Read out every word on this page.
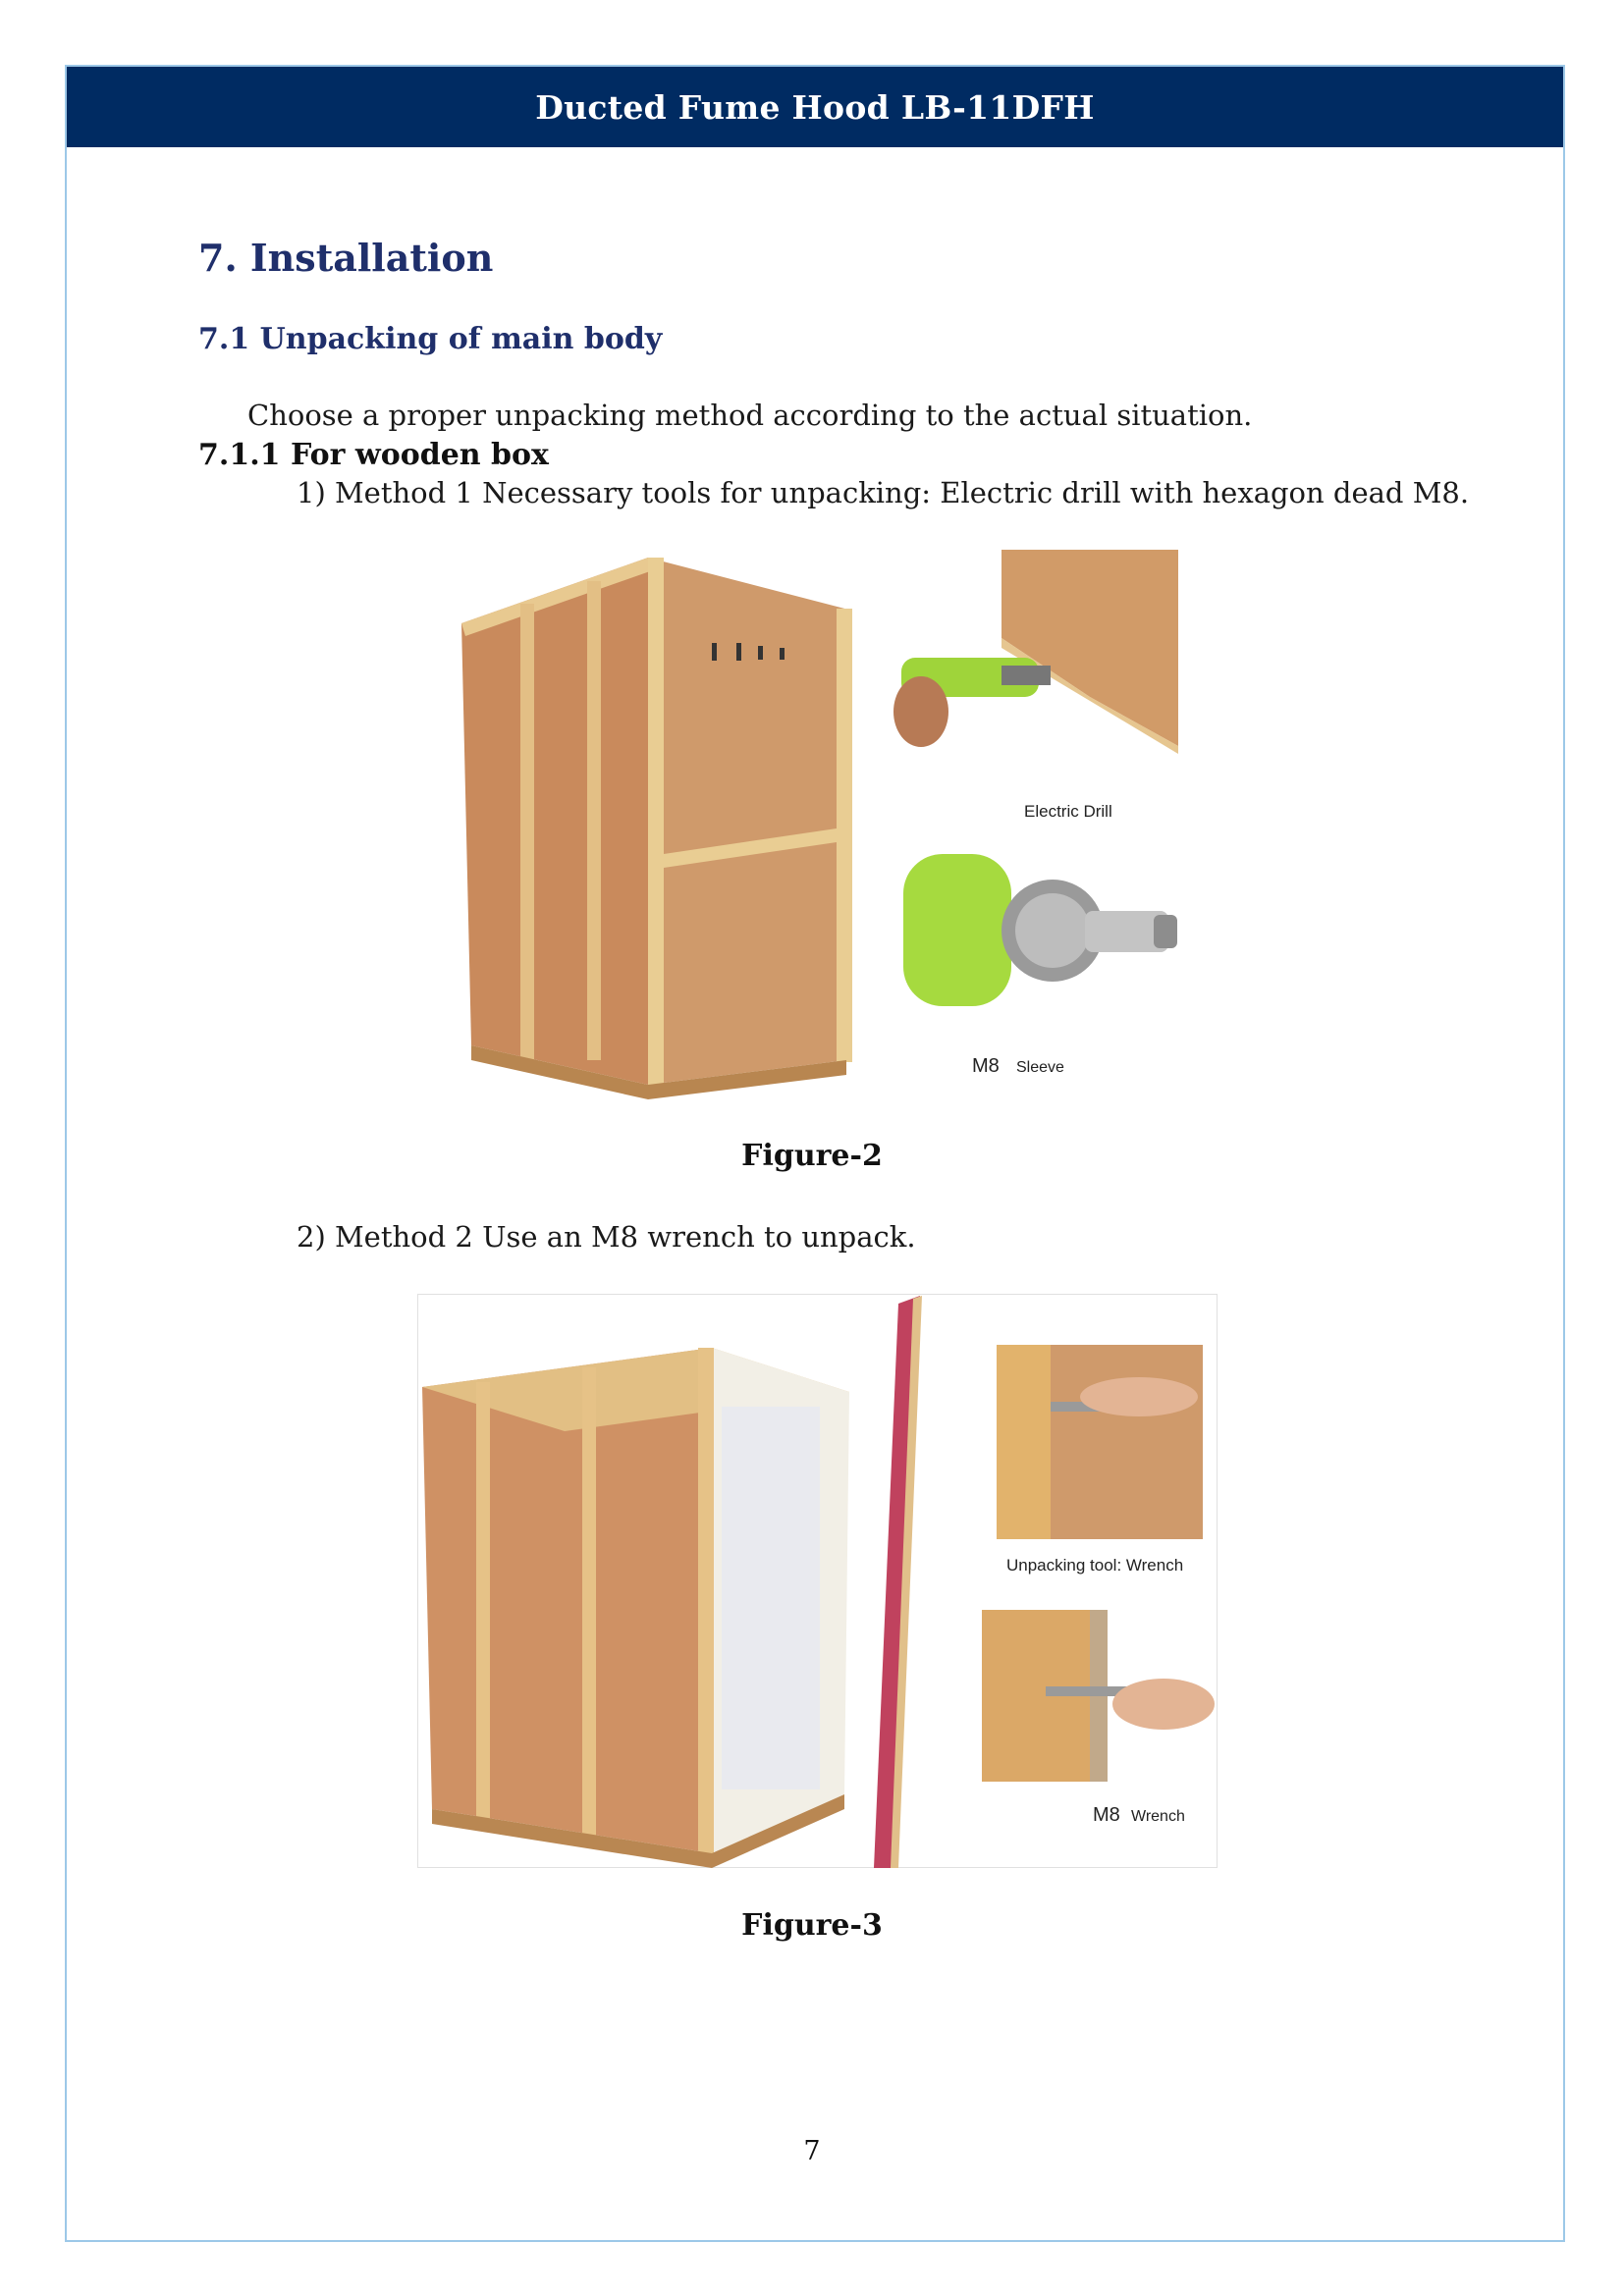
Ducted Fume Hood LB-11DFH
7. Installation
7.1 Unpacking of main body
Choose a proper unpacking method according to the actual situation.
7.1.1 For wooden box
1) Method 1 Necessary tools for unpacking: Electric drill with hexagon dead M8.
Electric Drill
M8 Sleeve
Figure-2
2) Method 2 Use an M8 wrench to unpack.
Unpacking tool: Wrench
M8 Wrench
Figure-3
7
